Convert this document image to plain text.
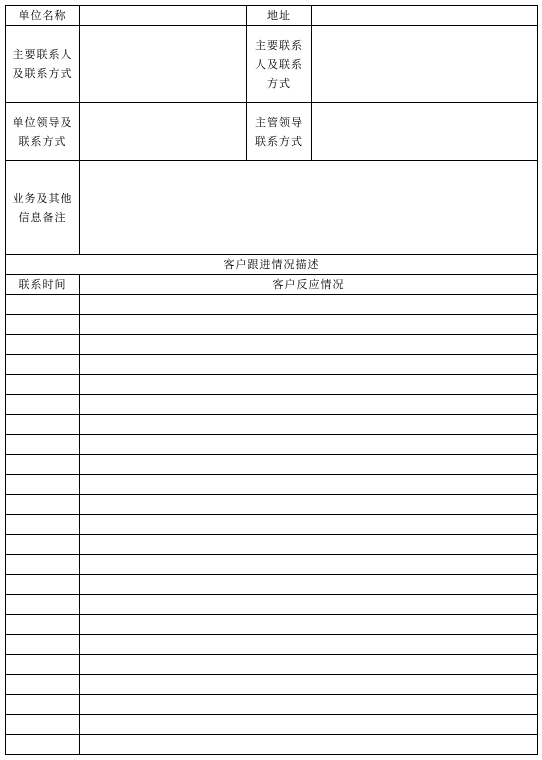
单位名称		地址	
主要联系人及联系方式		主要联系人及联系方式	
单位领导及联系方式		主管领导联系方式	
业务及其他信息备注			
客户跟进情况描述			
联系时间	客户反应情况		
